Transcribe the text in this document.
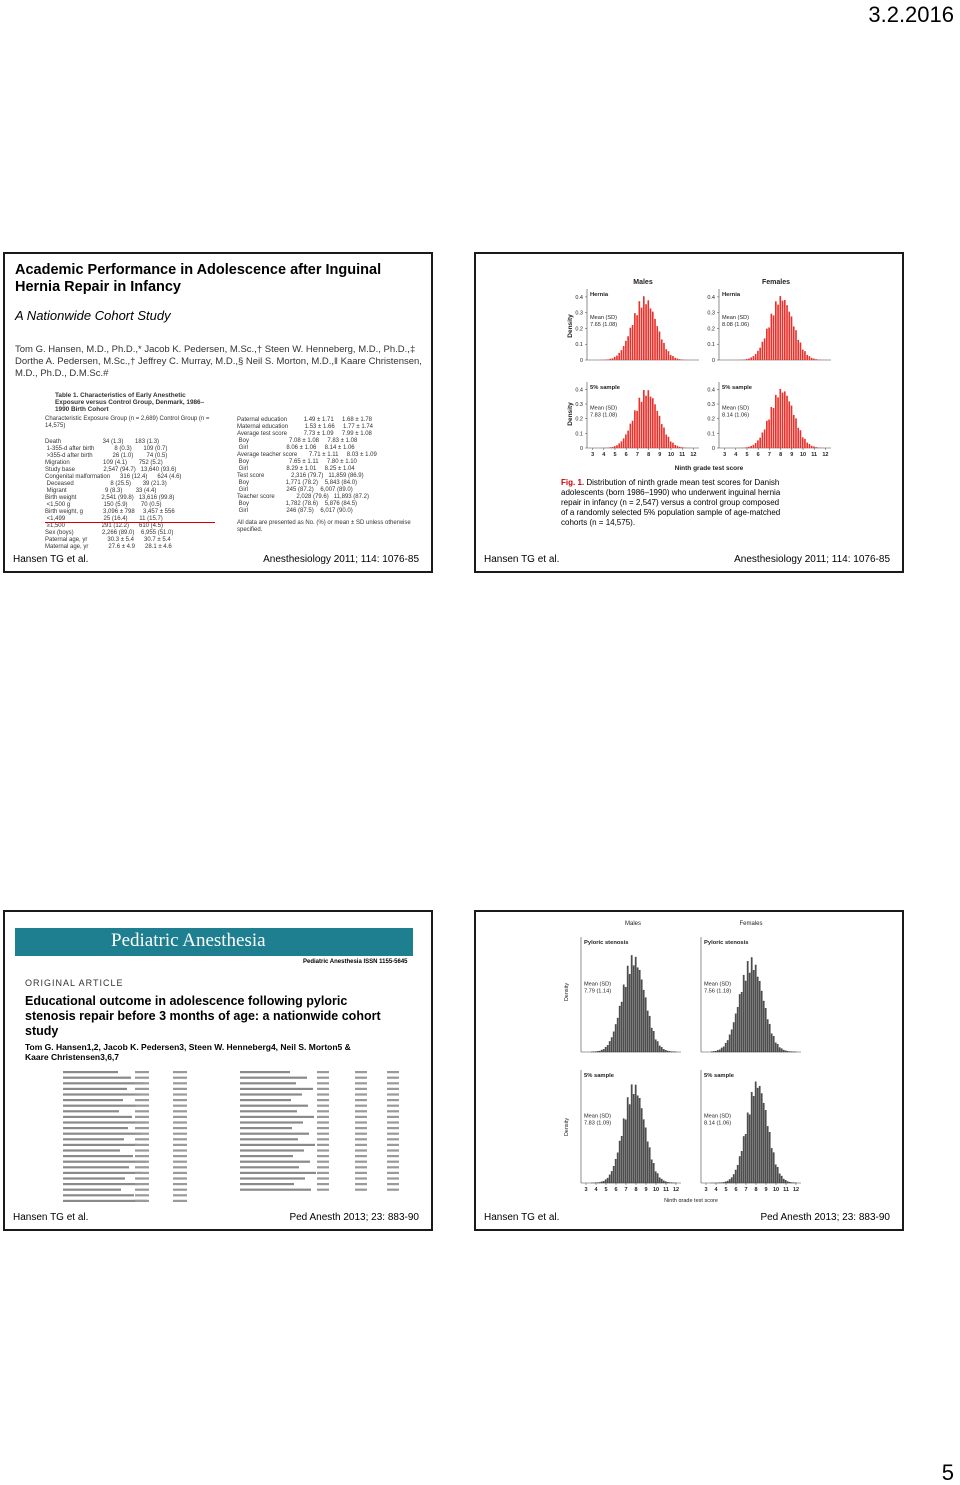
3.2.2016
5
Academic Performance in Adolescence after Inguinal Hernia Repair in Infancy
A Nationwide Cohort Study
Tom G. Hansen, M.D., Ph.D.,* Jacob K. Pedersen, M.Sc.,† Steen W. Henneberg, M.D., Ph.D.,‡ Dorthe A. Pedersen, M.Sc.,† Jeffrey C. Murray, M.D.,§ Neil S. Morton, M.D.,‖ Kaare Christensen, M.D., Ph.D., D.M.Sc.#
Table 1. Characteristics of Early Anesthetic Exposure versus Control Group, Denmark, 1986–1990 Birth Cohort
Characteristic Exposure Group (n = 2,689) Control Group (n = 14,575)
Death                         34 (1.3)       183 (1.3)
1-355-d after birth            8 (0.3)       109 (0.7)
>355-d after birth            26 (1.0)        74 (0.5)
Migration                    109 (4.1)       752 (5.2)
Study base                 2,547 (94.7)   13,640 (93.6)
Congenital malformation      316 (12.4)      624 (4.6)
Deceased                      8 (25.5)       39 (21.3)
Migrant                       9 (8.3)        33 (4.4)
Birth weight               2,541 (99.8)   13,616 (99.8)
<1,500 g                    150 (5.9)        70 (0.5)
Birth weight, g            3,096 ± 798     3,457 ± 556
<1,499                       25 (16.4)       11 (15.7)
≥1,500                      291 (12.2)      610 (4.5)
Sex (boys)                 2,266 (89.0)    6,955 (51.0)
Paternal age, yr            30.3 ± 5.4      30.7 ± 5.4
Maternal age, yr            27.6 ± 4.9      28.1 ± 4.6
Paternal education          1.49 ± 1.71     1.68 ± 1.78
Maternal education          1.53 ± 1.66     1.77 ± 1.74
Average test score          7.73 ± 1.09     7.99 ± 1.08
Boy                        7.08 ± 1.08     7.83 ± 1.08
Girl                       8.06 ± 1.06     8.14 ± 1.06
Average teacher score       7.71 ± 1.11     8.03 ± 1.09
Boy                        7.65 ± 1.11     7.80 ± 1.10
Girl                       8.29 ± 1.01     8.25 ± 1.04
Test score                2,316 (79.7)   11,859 (86.9)
Boy                      1,771 (78.2)    5,843 (84.0)
Girl                       245 (87.2)    6,007 (89.0)
Teacher score             2,028 (79.6)   11,893 (87.2)
Boy                      1,782 (78.6)    5,876 (84.5)
Girl                       246 (87.5)    6,017 (90.0)
All data are presented as No. (%) or mean ± SD unless otherwise specified.
Hansen TG et al.	Anesthesiology 2011; 114: 1076-85
Males	Females
Density
Density
0.4
0.3
0.2
0.1
0
Hernia
Mean (SD)
7.65 (1.08)
0.4
0.3
0.2
0.1
0
Hernia
Mean (SD)
8.08 (1.06)
0.4
0.3
0.2
0.1
0
3 4 5 6 7 8 9 10 11 12
5% sample
Mean (SD)
7.83 (1.08)
0.4
0.3
0.2
0.1
0
3 4 5 6 7 8 9 10 11 12
5% sample
Mean (SD)
8.14 (1.06)
Ninth grade test score
Fig. 1. Distribution of ninth grade mean test scores for Danish adolescents (born 1986–1990) who underwent inguinal hernia repair in infancy (n = 2,547) versus a control group composed of a randomly selected 5% population sample of age-matched cohorts (n = 14,575).
Hansen TG et al.	Anesthesiology 2011; 114: 1076-85
Pediatric Anesthesia
Pediatric Anesthesia ISSN 1155-5645
ORIGINAL ARTICLE
Educational outcome in adolescence following pyloric stenosis repair before 3 months of age: a nationwide cohort study
Tom G. Hansen1,2, Jacob K. Pedersen3, Steen W. Henneberg4, Neil S. Morton5 & Kaare Christensen3,6,7
Hansen TG et al.	Ped Anesth 2013; 23: 883-90
Males	Females
Density
Density
Pyloric stenosis
Mean (SD)
7.79 (1.14)
Pyloric stenosis
Mean (SD)
7.56 (1.18)
3 4 5 6 7 8 9 10 11 12
5% sample
Mean (SD)
7.83 (1.09)
3 4 5 6 7 8 9 10 11 12
5% sample
Mean (SD)
8.14 (1.06)
Ninth grade test score
Hansen TG et al.	Ped Anesth 2013; 23: 883-90
